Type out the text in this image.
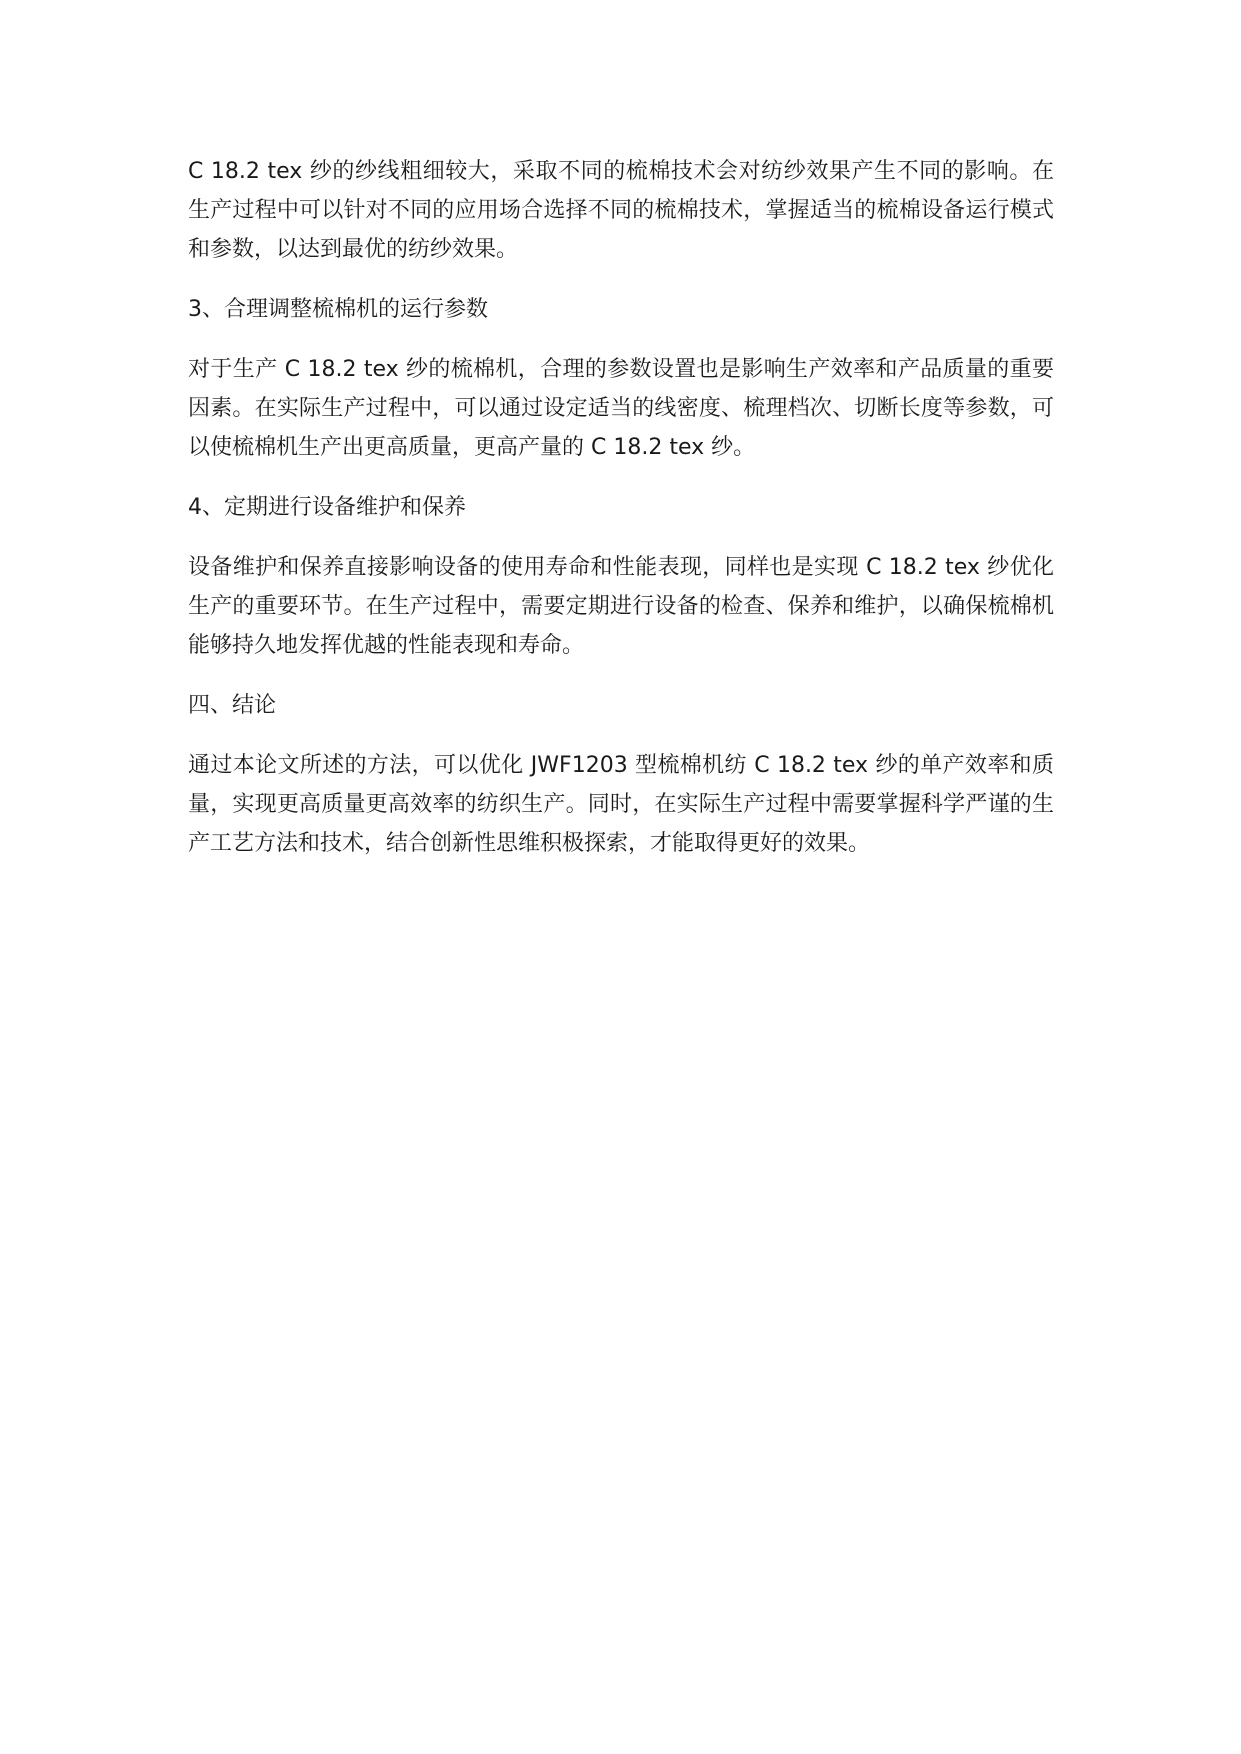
C 18.2 tex 纱的纱线粗细较大，采取不同的梳棉技术会对纺纱效果产生不同的影响。在生产过程中可以针对不同的应用场合选择不同的梳棉技术，掌握适当的梳棉设备运行模式和参数，以达到最优的纺纱效果。

3、合理调整梳棉机的运行参数

对于生产 C 18.2 tex 纱的梳棉机，合理的参数设置也是影响生产效率和产品质量的重要因素。在实际生产过程中，可以通过设定适当的线密度、梳理档次、切断长度等参数，可以使梳棉机生产出更高质量，更高产量的 C 18.2 tex 纱。

4、定期进行设备维护和保养

设备维护和保养直接影响设备的使用寿命和性能表现，同样也是实现 C 18.2 tex 纱优化生产的重要环节。在生产过程中，需要定期进行设备的检查、保养和维护，以确保梳棉机能够持久地发挥优越的性能表现和寿命。

四、结论

通过本论文所述的方法，可以优化 JWF1203 型梳棉机纺 C 18.2 tex 纱的单产效率和质量，实现更高质量更高效率的纺织生产。同时，在实际生产过程中需要掌握科学严谨的生产工艺方法和技术，结合创新性思维积极探索，才能取得更好的效果。
